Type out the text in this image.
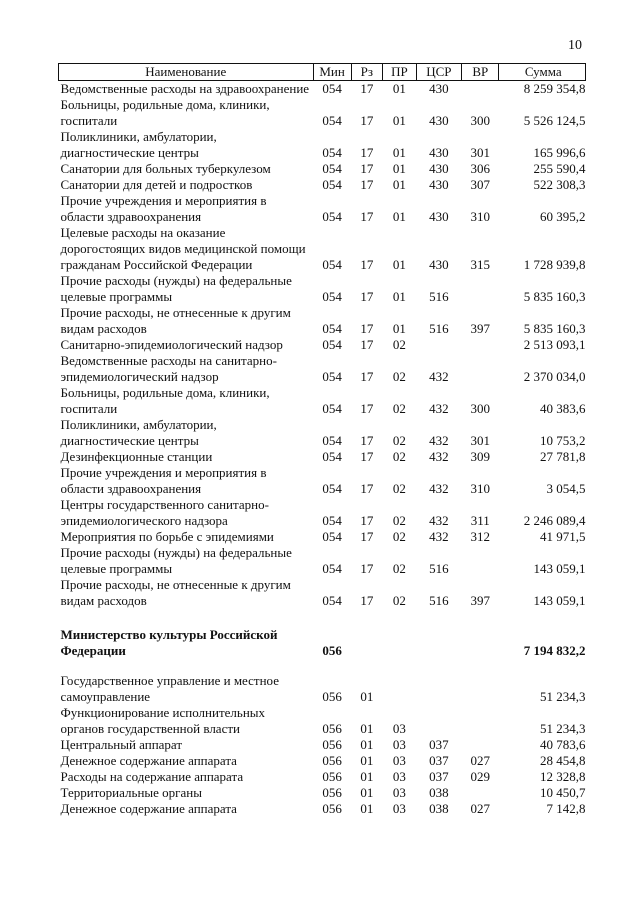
10
Наименование	Мин	Рз	ПР	ЦСР	ВР	Сумма
Ведомственные расходы на здравоохранение	054	17	01	430		8 259 354,8
Больницы, родильные дома, клиники, госпитали	054	17	01	430	300	5 526 124,5
Поликлиники, амбулатории, диагностические центры	054	17	01	430	301	165 996,6
Санатории для больных туберкулезом	054	17	01	430	306	255 590,4
Санатории для детей и подростков	054	17	01	430	307	522 308,3
Прочие учреждения и мероприятия в области здравоохранения	054	17	01	430	310	60 395,2
Целевые расходы на оказание дорогостоящих видов медицинской помощи гражданам Российской Федерации	054	17	01	430	315	1 728 939,8
Прочие расходы (нужды) на федеральные целевые программы	054	17	01	516		5 835 160,3
Прочие расходы, не отнесенные к другим видам расходов	054	17	01	516	397	5 835 160,3
Санитарно-эпидемиологический надзор	054	17	02			2 513 093,1
Ведомственные расходы на санитарно-эпидемиологический надзор	054	17	02	432		2 370 034,0
Больницы, родильные дома, клиники, госпитали	054	17	02	432	300	40 383,6
Поликлиники, амбулатории, диагностические центры	054	17	02	432	301	10 753,2
Дезинфекционные станции	054	17	02	432	309	27 781,8
Прочие учреждения и мероприятия в области здравоохранения	054	17	02	432	310	3 054,5
Центры государственного санитарно-эпидемиологического надзора	054	17	02	432	311	2 246 089,4
Мероприятия по борьбе с эпидемиями	054	17	02	432	312	41 971,5
Прочие расходы (нужды) на федеральные целевые программы	054	17	02	516		143 059,1
Прочие расходы, не отнесенные к другим видам расходов	054	17	02	516	397	143 059,1
Министерство культуры Российской Федерации	056					7 194 832,2
Государственное управление и местное самоуправление	056	01				51 234,3
Функционирование исполнительных органов государственной власти	056	01	03			51 234,3
Центральный аппарат	056	01	03	037		40 783,6
Денежное содержание аппарата	056	01	03	037	027	28 454,8
Расходы на содержание аппарата	056	01	03	037	029	12 328,8
Территориальные органы	056	01	03	038		10 450,7
Денежное содержание аппарата	056	01	03	038	027	7 142,8
